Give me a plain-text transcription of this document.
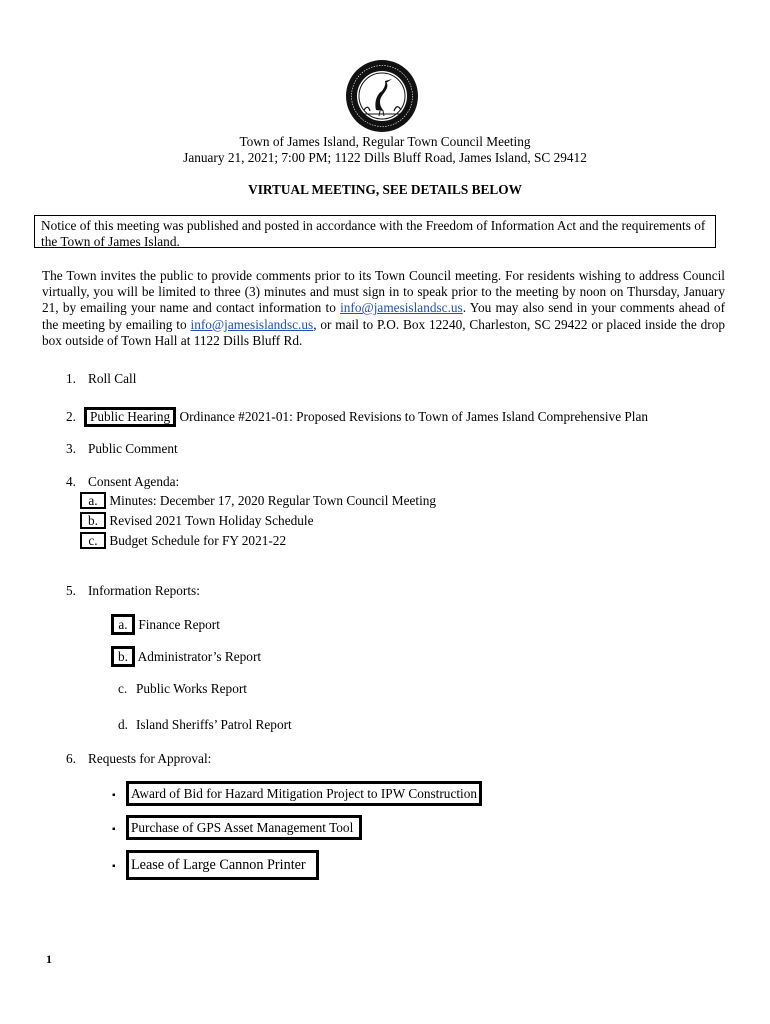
Town of James Island, Regular Town Council Meeting
January 21, 2021; 7:00 PM; 1122 Dills Bluff Road, James Island, SC 29412
VIRTUAL MEETING, SEE DETAILS BELOW
Notice of this meeting was published and posted in accordance with the Freedom of Information Act and the requirements of the Town of James Island.
The Town invites the public to provide comments prior to its Town Council meeting. For residents wishing to address Council virtually, you will be limited to three (3) minutes and must sign in to speak prior to the meeting by noon on Thursday, January 21, by emailing your name and contact information to info@jamesislandsc.us. You may also send in your comments ahead of the meeting by emailing to info@jamesislandsc.us, or mail to P.O. Box 12240, Charleston, SC 29422 or placed inside the drop box outside of Town Hall at 1122 Dills Bluff Rd.
1. Roll Call
2. Public Hearing Ordinance #2021-01: Proposed Revisions to Town of James Island Comprehensive Plan
3. Public Comment
4. Consent Agenda:
a. Minutes: December 17, 2020 Regular Town Council Meeting
b. Revised 2021 Town Holiday Schedule
c. Budget Schedule for FY 2021-22
5. Information Reports:
a. Finance Report
b. Administrator’s Report
c. Public Works Report
d. Island Sheriffs’ Patrol Report
6. Requests for Approval:
▪ Award of Bid for Hazard Mitigation Project to IPW Construction
▪ Purchase of GPS Asset Management Tool
▪ Lease of Large Cannon Printer
1
